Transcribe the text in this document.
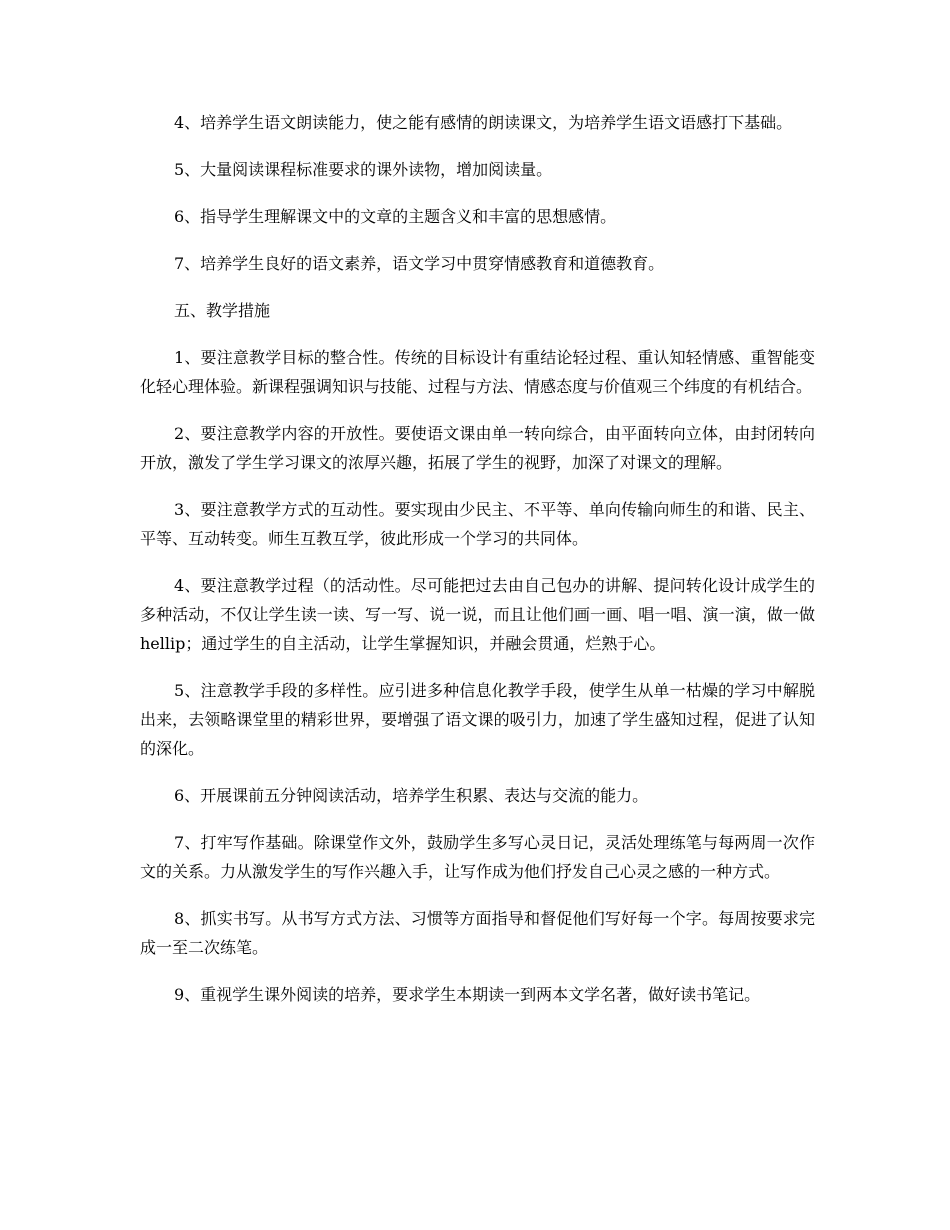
4、培养学生语文朗读能力，使之能有感情的朗读课文，为培养学生语文语感打下基础。

5、大量阅读课程标准要求的课外读物，增加阅读量。

6、指导学生理解课文中的文章的主题含义和丰富的思想感情。

7、培养学生良好的语文素养，语文学习中贯穿情感教育和道德教育。

五、教学措施

1、要注意教学目标的整合性。传统的目标设计有重结论轻过程、重认知轻情感、重智能变化轻心理体验。新课程强调知识与技能、过程与方法、情感态度与价值观三个纬度的有机结合。

2、要注意教学内容的开放性。要使语文课由单一转向综合，由平面转向立体，由封闭转向开放，激发了学生学习课文的浓厚兴趣，拓展了学生的视野，加深了对课文的理解。

3、要注意教学方式的互动性。要实现由少民主、不平等、单向传输向师生的和谐、民主、平等、互动转变。师生互教互学，彼此形成一个学习的共同体。

4、要注意教学过程（的活动性。尽可能把过去由自己包办的讲解、提问转化设计成学生的多种活动，不仅让学生读一读、写一写、说一说，而且让他们画一画、唱一唱、演一演，做一做hellip；通过学生的自主活动，让学生掌握知识，并融会贯通，烂熟于心。

5、注意教学手段的多样性。应引进多种信息化教学手段，使学生从单一枯燥的学习中解脱出来，去领略课堂里的精彩世界，要增强了语文课的吸引力，加速了学生盛知过程，促进了认知的深化。

6、开展课前五分钟阅读活动，培养学生积累、表达与交流的能力。

7、打牢写作基础。除课堂作文外，鼓励学生多写心灵日记，灵活处理练笔与每两周一次作文的关系。力从激发学生的写作兴趣入手，让写作成为他们抒发自己心灵之感的一种方式。

8、抓实书写。从书写方式方法、习惯等方面指导和督促他们写好每一个字。每周按要求完成一至二次练笔。

9、重视学生课外阅读的培养，要求学生本期读一到两本文学名著，做好读书笔记。
